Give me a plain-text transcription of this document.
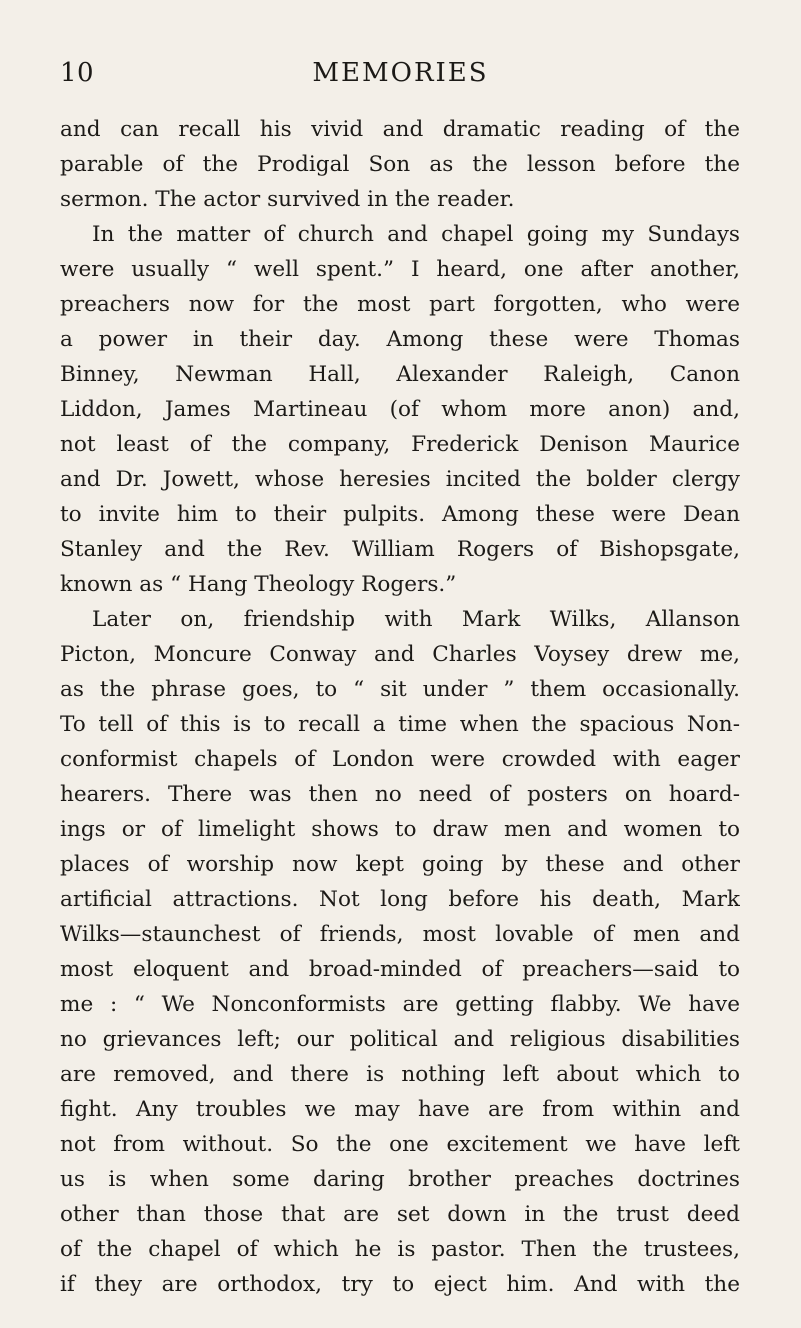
10	MEMORIES
and can recall his vivid and dramatic reading of the
parable of the Prodigal Son as the lesson before the
sermon. The actor survived in the reader.
In the matter of church and chapel going my Sundays
were usually “ well spent.” I heard, one after another,
preachers now for the most part forgotten, who were
a power in their day. Among these were Thomas
Binney, Newman Hall, Alexander Raleigh, Canon
Liddon, James Martineau (of whom more anon) and,
not least of the company, Frederick Denison Maurice
and Dr. Jowett, whose heresies incited the bolder clergy
to invite him to their pulpits. Among these were Dean
Stanley and the Rev. William Rogers of Bishopsgate,
known as “ Hang Theology Rogers.”
Later on, friendship with Mark Wilks, Allanson
Picton, Moncure Conway and Charles Voysey drew me,
as the phrase goes, to “ sit under ” them occasionally.
To tell of this is to recall a time when the spacious Non-
conformist chapels of London were crowded with eager
hearers. There was then no need of posters on hoard-
ings or of limelight shows to draw men and women to
places of worship now kept going by these and other
artificial attractions. Not long before his death, Mark
Wilks—staunchest of friends, most lovable of men and
most eloquent and broad-minded of preachers—said to
me : “ We Nonconformists are getting flabby. We have
no grievances left; our political and religious disabilities
are removed, and there is nothing left about which to
fight. Any troubles we may have are from within and
not from without. So the one excitement we have left
us is when some daring brother preaches doctrines
other than those that are set down in the trust deed
of the chapel of which he is pastor. Then the trustees,
if they are orthodox, try to eject him. And with the
